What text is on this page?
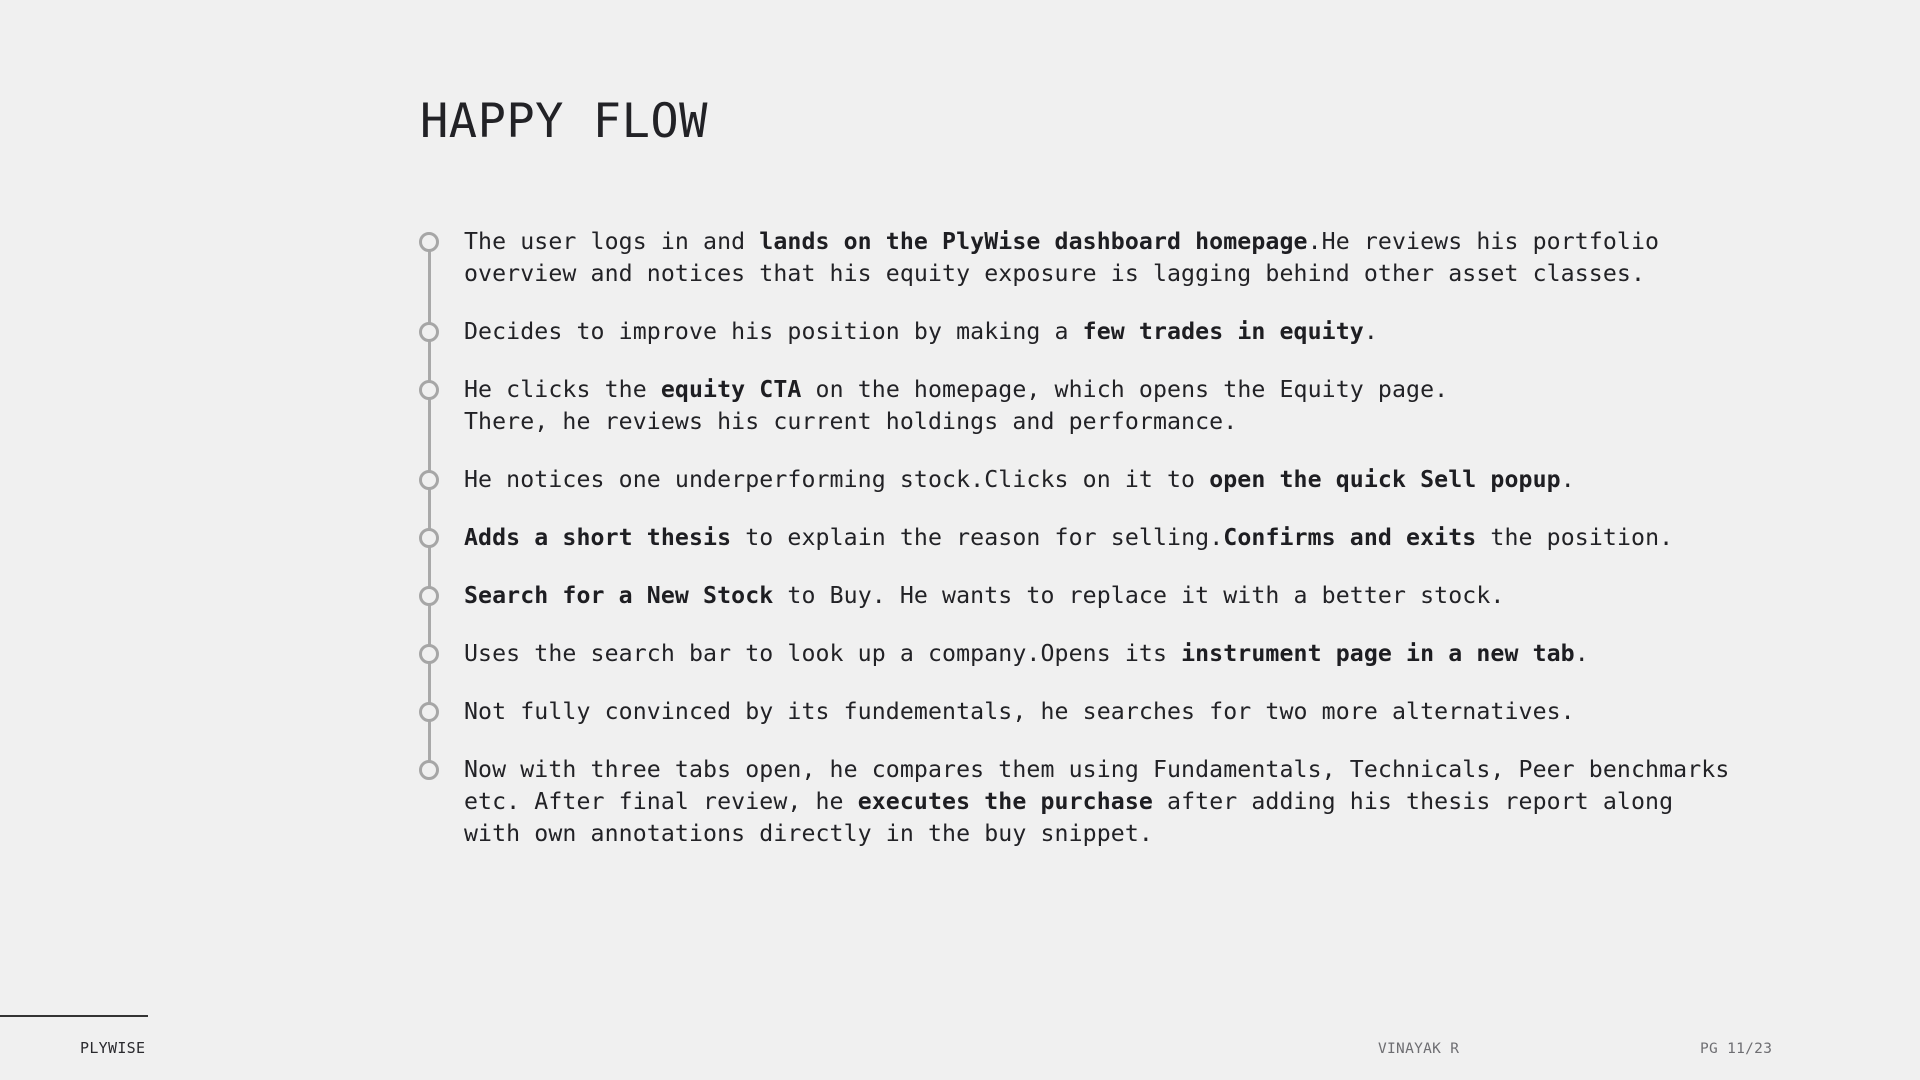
HAPPY FLOW
The user logs in and lands on the PlyWise dashboard homepage.He reviews his portfolio
overview and notices that his equity exposure is lagging behind other asset classes.
Decides to improve his position by making a few trades in equity.
He clicks the equity CTA on the homepage, which opens the Equity page.
There, he reviews his current holdings and performance.
He notices one underperforming stock.Clicks on it to open the quick Sell popup.
Adds a short thesis to explain the reason for selling.Confirms and exits the position.
Search for a New Stock to Buy. He wants to replace it with a better stock.
Uses the search bar to look up a company.Opens its instrument page in a new tab.
Not fully convinced by its fundementals, he searches for two more alternatives.
Now with three tabs open, he compares them using Fundamentals, Technicals, Peer benchmarks
etc. After final review, he executes the purchase after adding his thesis report along
with own annotations directly in the buy snippet.
PLYWISE	VINAYAK R	PG 11/23
